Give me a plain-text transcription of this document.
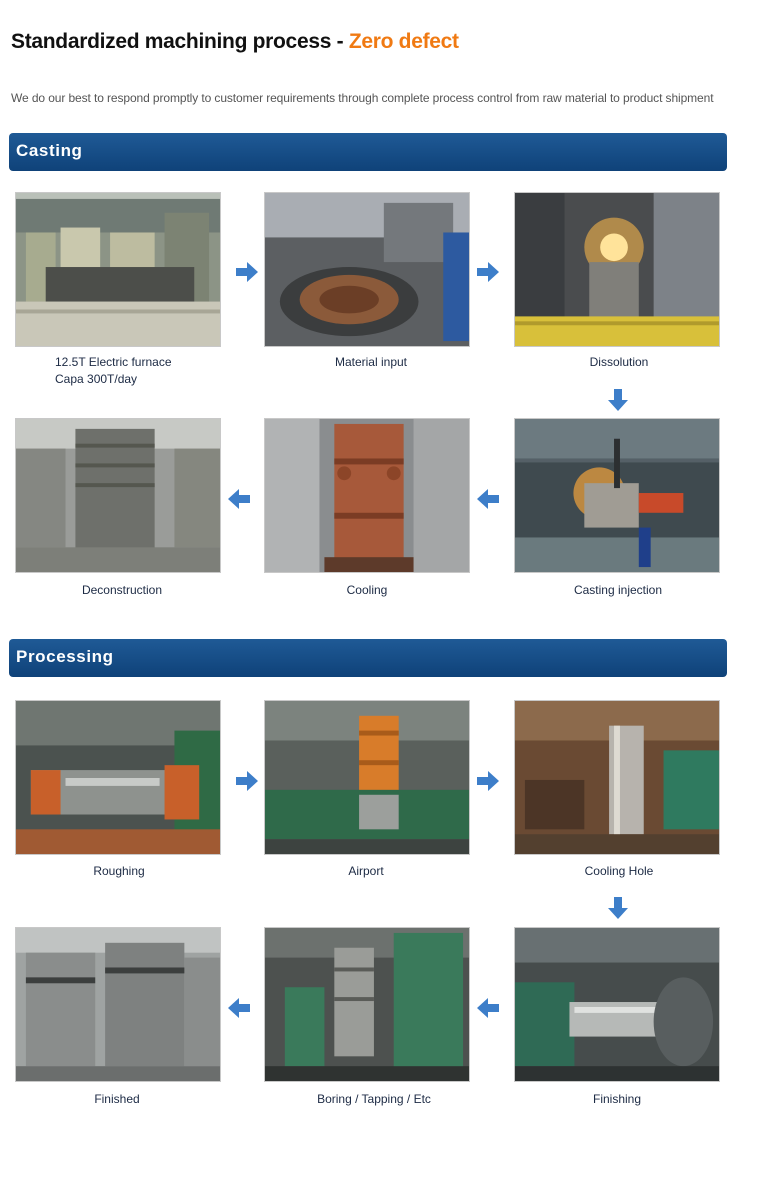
Standardized machining process - Zero defect

We do our best to respond promptly to customer requirements through complete process control from raw material to product shipment

Casting
12.5T Electric furnace
Capa 300T/day
Material input	Dissolution
Deconstruction	Cooling	Casting injection
Processing
Roughing	Airport	Cooling Hole
Finished	Boring / Tapping / Etc	Finishing
